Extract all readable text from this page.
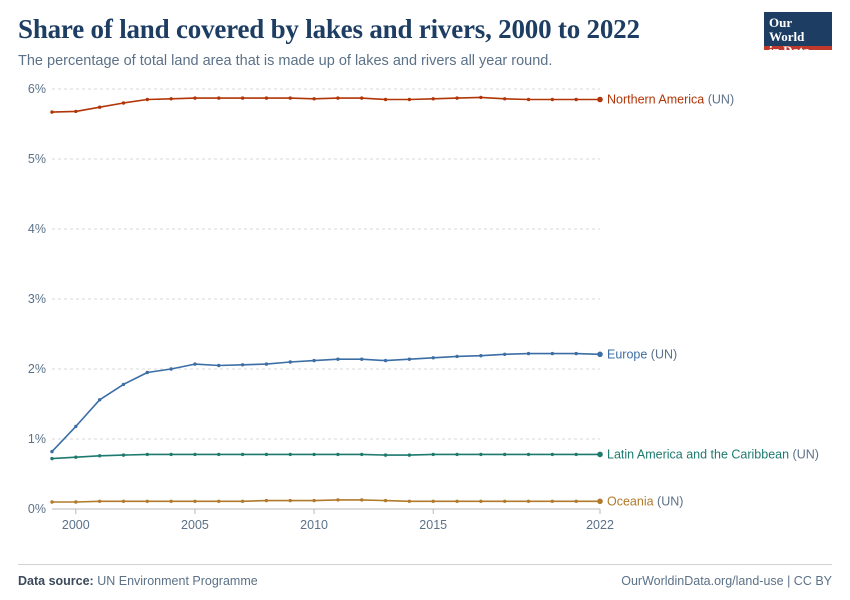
Share of land covered by lakes and rivers, 2000 to 2022
The percentage of total land area that is made up of lakes and rivers all year round.
Our World
in Data
0%
1%
2%
3%
4%
5%
6%
2000	2005	2010	2015	2022
Northern America (UN)
Europe (UN)
Latin America and the Caribbean (UN)
Oceania (UN)
Data source: UN Environment Programme	OurWorldinData.org/land-use | CC BY
